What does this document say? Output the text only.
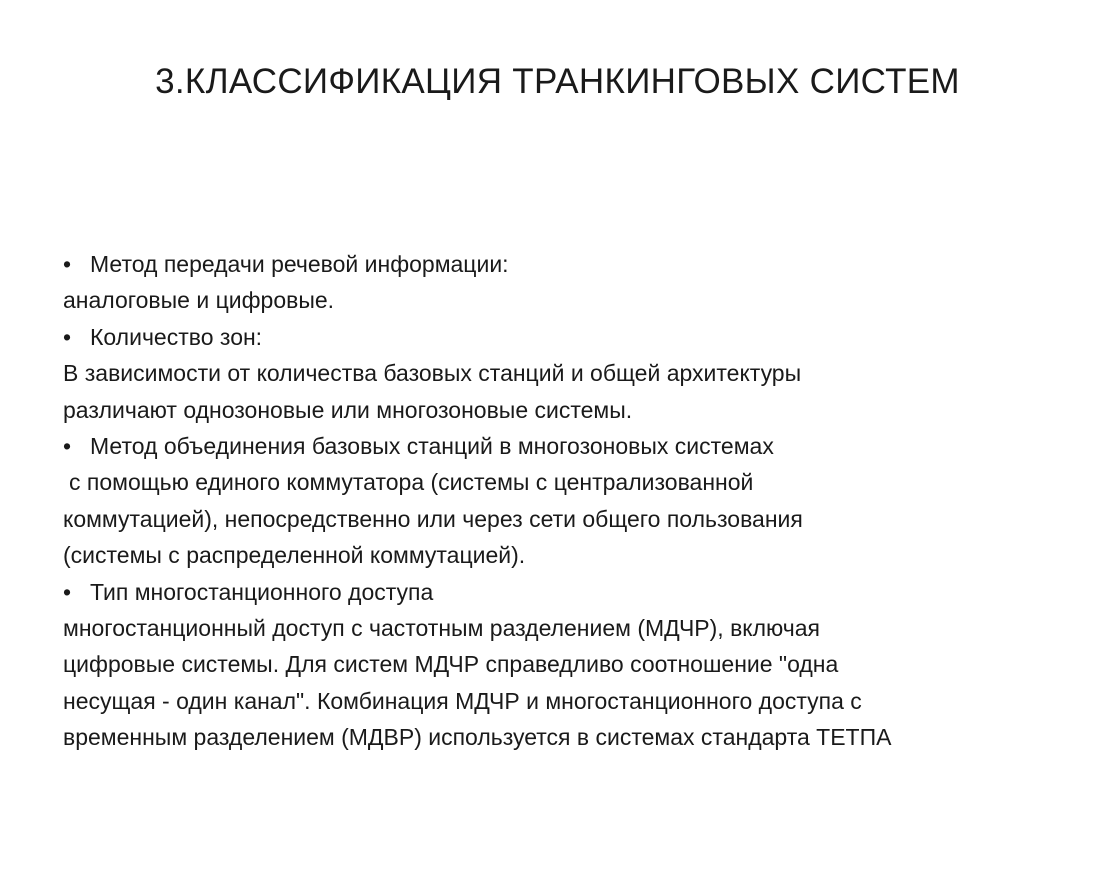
3.КЛАССИФИКАЦИЯ ТРАНКИНГОВЫХ СИСТЕМ
• Метод передачи речевой информации:
аналоговые и цифровые.
• Количество зон:
В зависимости от количества базовых станций и общей архитектуры
различают однозоновые или многозоновые системы.
• Метод объединения базовых станций в многозоновых системах
с помощью единого коммутатора (системы с централизованной
коммутацией), непосредственно или через сети общего пользования
(системы с распределенной коммутацией).
• Тип многостанционного доступа
многостанционный доступ с частотным разделением (МДЧР), включая
цифровые системы. Для систем МДЧР справедливо соотношение "одна
несущая - один канал". Комбинация МДЧР и многостанционного доступа с
временным разделением (МДВР) используется в системах стандарта ТЕТПА
